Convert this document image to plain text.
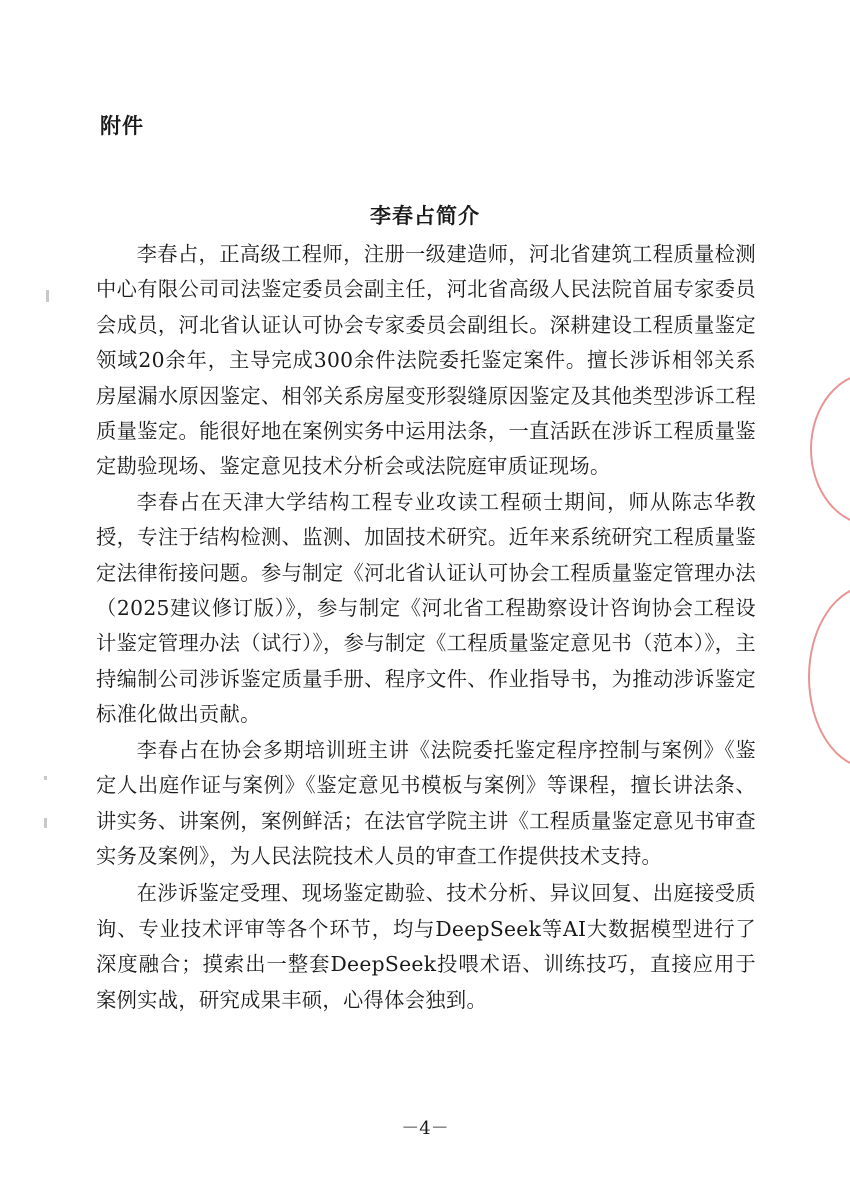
附件
李春占简介

李春占，正高级工程师，注册一级建造师，河北省建筑工程质量检测中心有限公司司法鉴定委员会副主任，河北省高级人民法院首届专家委员会成员，河北省认证认可协会专家委员会副组长。深耕建设工程质量鉴定领域20余年，主导完成300余件法院委托鉴定案件。擅长涉诉相邻关系房屋漏水原因鉴定、相邻关系房屋变形裂缝原因鉴定及其他类型涉诉工程质量鉴定。能很好地在案例实务中运用法条，一直活跃在涉诉工程质量鉴定勘验现场、鉴定意见技术分析会或法院庭审质证现场。

李春占在天津大学结构工程专业攻读工程硕士期间，师从陈志华教授，专注于结构检测、监测、加固技术研究。近年来系统研究工程质量鉴定法律衔接问题。参与制定《河北省认证认可协会工程质量鉴定管理办法（2025建议修订版）》，参与制定《河北省工程勘察设计咨询协会工程设计鉴定管理办法（试行）》，参与制定《工程质量鉴定意见书（范本）》，主持编制公司涉诉鉴定质量手册、程序文件、作业指导书，为推动涉诉鉴定标准化做出贡献。

李春占在协会多期培训班主讲《法院委托鉴定程序控制与案例》《鉴定人出庭作证与案例》《鉴定意见书模板与案例》等课程，擅长讲法条、讲实务、讲案例，案例鲜活；在法官学院主讲《工程质量鉴定意见书审查实务及案例》，为人民法院技术人员的审查工作提供技术支持。

在涉诉鉴定受理、现场鉴定勘验、技术分析、异议回复、出庭接受质询、专业技术评审等各个环节，均与DeepSeek等AI大数据模型进行了深度融合；摸索出一整套DeepSeek投喂术语、训练技巧，直接应用于案例实战，研究成果丰硕，心得体会独到。

－4－
